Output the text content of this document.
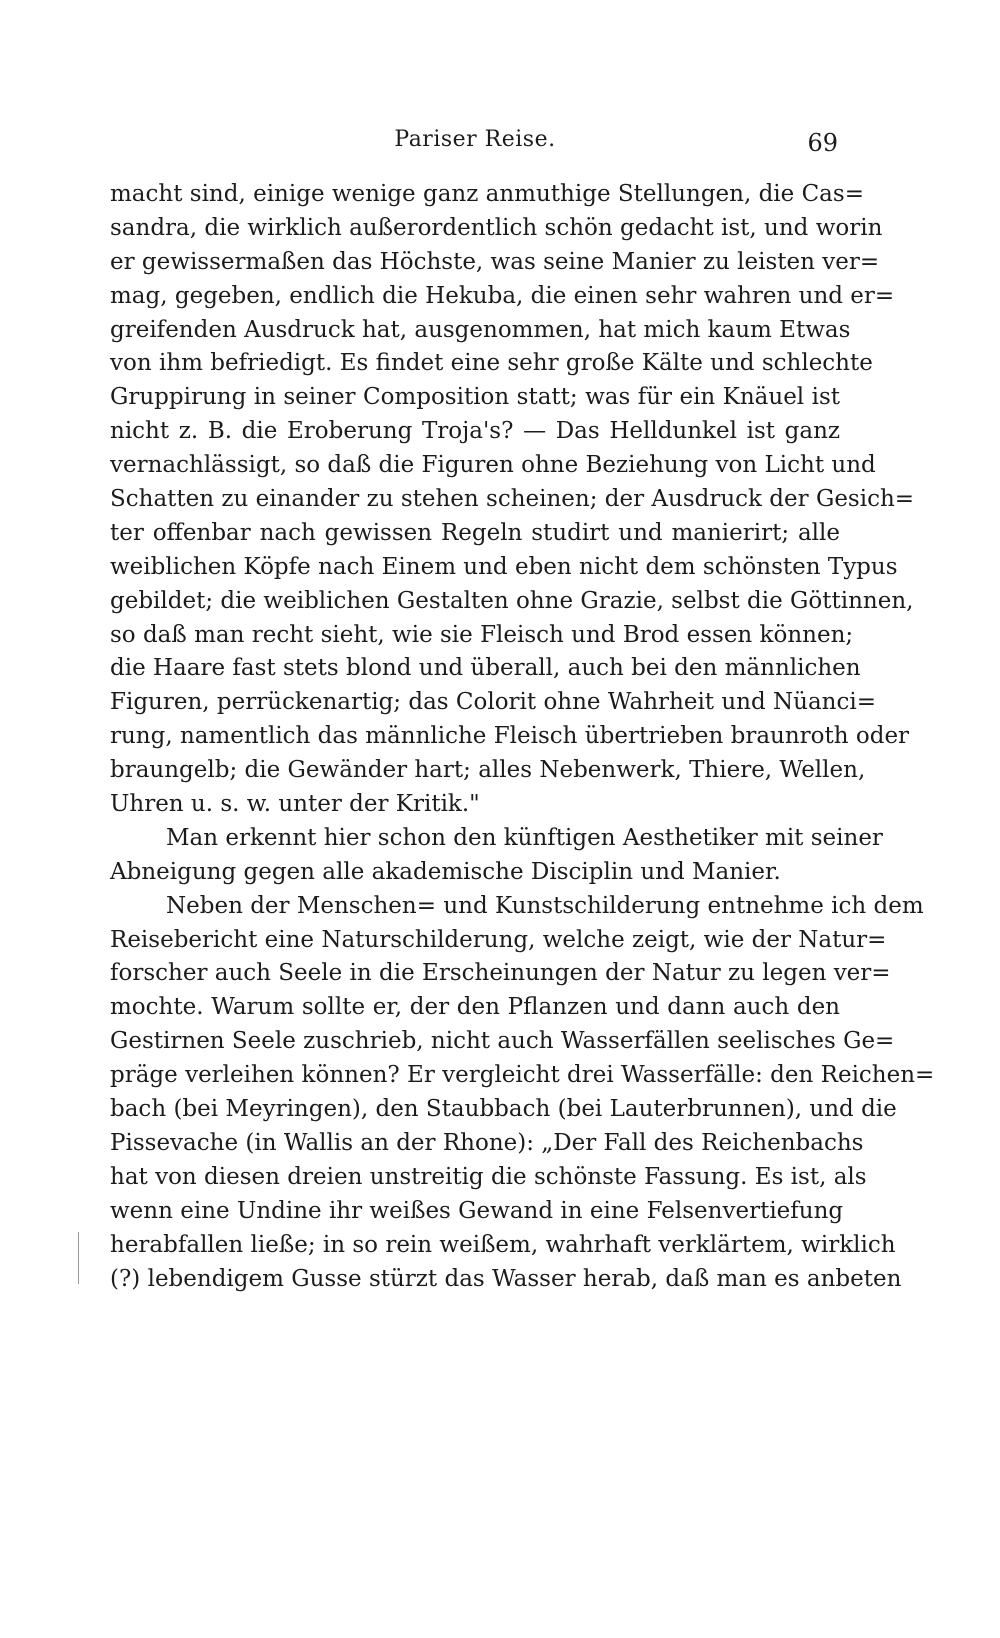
Pariser Reise.	69
macht sind, einige wenige ganz anmuthige Stellungen, die Cas=
sandra, die wirklich außerordentlich schön gedacht ist, und worin
er gewissermaßen das Höchste, was seine Manier zu leisten ver=
mag, gegeben, endlich die Hekuba, die einen sehr wahren und er=
greifenden Ausdruck hat, ausgenommen, hat mich kaum Etwas
von ihm befriedigt. Es findet eine sehr große Kälte und schlechte
Gruppirung in seiner Composition statt; was für ein Knäuel ist
nicht z. B. die Eroberung Troja's? — Das Helldunkel ist ganz
vernachlässigt, so daß die Figuren ohne Beziehung von Licht und
Schatten zu einander zu stehen scheinen; der Ausdruck der Gesich=
ter offenbar nach gewissen Regeln studirt und manierirt; alle
weiblichen Köpfe nach Einem und eben nicht dem schönsten Typus
gebildet; die weiblichen Gestalten ohne Grazie, selbst die Göttinnen,
so daß man recht sieht, wie sie Fleisch und Brod essen können;
die Haare fast stets blond und überall, auch bei den männlichen
Figuren, perrückenartig; das Colorit ohne Wahrheit und Nüanci=
rung, namentlich das männliche Fleisch übertrieben braunroth oder
braungelb; die Gewänder hart; alles Nebenwerk, Thiere, Wellen,
Uhren u. s. w. unter der Kritik."
Man erkennt hier schon den künftigen Aesthetiker mit seiner
Abneigung gegen alle akademische Disciplin und Manier.
Neben der Menschen= und Kunstschilderung entnehme ich dem
Reisebericht eine Naturschilderung, welche zeigt, wie der Natur=
forscher auch Seele in die Erscheinungen der Natur zu legen ver=
mochte. Warum sollte er, der den Pflanzen und dann auch den
Gestirnen Seele zuschrieb, nicht auch Wasserfällen seelisches Ge=
präge verleihen können? Er vergleicht drei Wasserfälle: den Reichen=
bach (bei Meyringen), den Staubbach (bei Lauterbrunnen), und die
Pissevache (in Wallis an der Rhone): „Der Fall des Reichenbachs
hat von diesen dreien unstreitig die schönste Fassung. Es ist, als
wenn eine Undine ihr weißes Gewand in eine Felsenvertiefung
herabfallen ließe; in so rein weißem, wahrhaft verklärtem, wirklich
(?) lebendigem Gusse stürzt das Wasser herab, daß man es anbeten
